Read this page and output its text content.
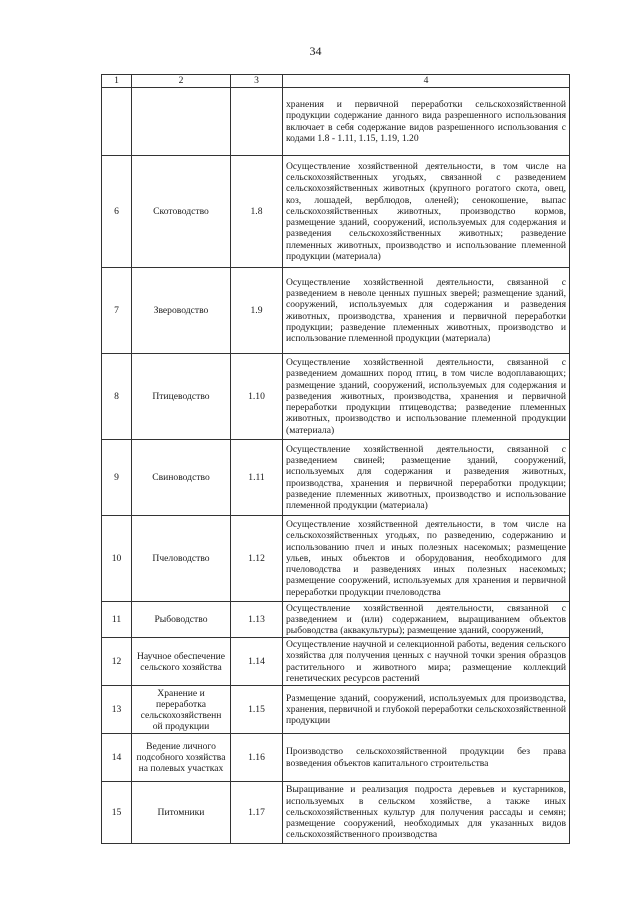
34
1	2	3	4
			хранения и первичной переработки сельскохозяйственной продукции содержание данного вида разрешенного использования включает в себя содержание видов разрешенного использования с кодами 1.8 - 1.11, 1.15, 1.19, 1.20
6	Скотоводство	1.8	Осуществление хозяйственной деятельности, в том числе на сельскохозяйственных угодьях, связанной с разведением сельскохозяйственных животных (крупного рогатого скота, овец, коз, лошадей, верблюдов, оленей); сенокошение, выпас сельскохозяйственных животных, производство кормов, размещение зданий, сооружений, используемых для содержания и разведения сельскохозяйственных животных; разведение племенных животных, производство и использование племенной продукции (материала)
7	Звероводство	1.9	Осуществление хозяйственной деятельности, связанной с разведением в неволе ценных пушных зверей; размещение зданий, сооружений, используемых для содержания и разведения животных, производства, хранения и первичной переработки продукции; разведение племенных животных, производство и использование племенной продукции (материала)
8	Птицеводство	1.10	Осуществление хозяйственной деятельности, связанной с разведением домашних пород птиц, в том числе водоплавающих; размещение зданий, сооружений, используемых для содержания и разведения животных, производства, хранения и первичной переработки продукции птицеводства; разведение племенных животных, производство и использование племенной продукции (материала)
9	Свиноводство	1.11	Осуществление хозяйственной деятельности, связанной с разведением свиней; размещение зданий, сооружений, используемых для содержания и разведения животных, производства, хранения и первичной переработки продукции; разведение племенных животных, производство и использование племенной продукции (материала)
10	Пчеловодство	1.12	Осуществление хозяйственной деятельности, в том числе на сельскохозяйственных угодьях, по разведению, содержанию и использованию пчел и иных полезных насекомых; размещение ульев, иных объектов и оборудования, необходимого для пчеловодства и разведениях иных полезных насекомых; размещение сооружений, используемых для хранения и первичной переработки продукции пчеловодства
11	Рыбоводство	1.13	Осуществление хозяйственной деятельности, связанной с разведением и (или) содержанием, выращиванием объектов рыбоводства (аквакультуры); размещение зданий, сооружений,
12	Научное обеспечение сельского хозяйства	1.14	Осуществление научной и селекционной работы, ведения сельского хозяйства для получения ценных с научной точки зрения образцов растительного и животного мира; размещение коллекций генетических ресурсов растений
13	Хранение и переработка сельскохозяйственн ой продукции	1.15	Размещение зданий, сооружений, используемых для производства, хранения, первичной и глубокой переработки сельскохозяйственной продукции
14	Ведение личного подсобного хозяйства на полевых участках	1.16	Производство сельскохозяйственной продукции без права возведения объектов капитального строительства
15	Питомники	1.17	Выращивание и реализация подроста деревьев и кустарников, используемых в сельском хозяйстве, а также иных сельскохозяйственных культур для получения рассады и семян; размещение сооружений, необходимых для указанных видов сельскохозяйственного производства
